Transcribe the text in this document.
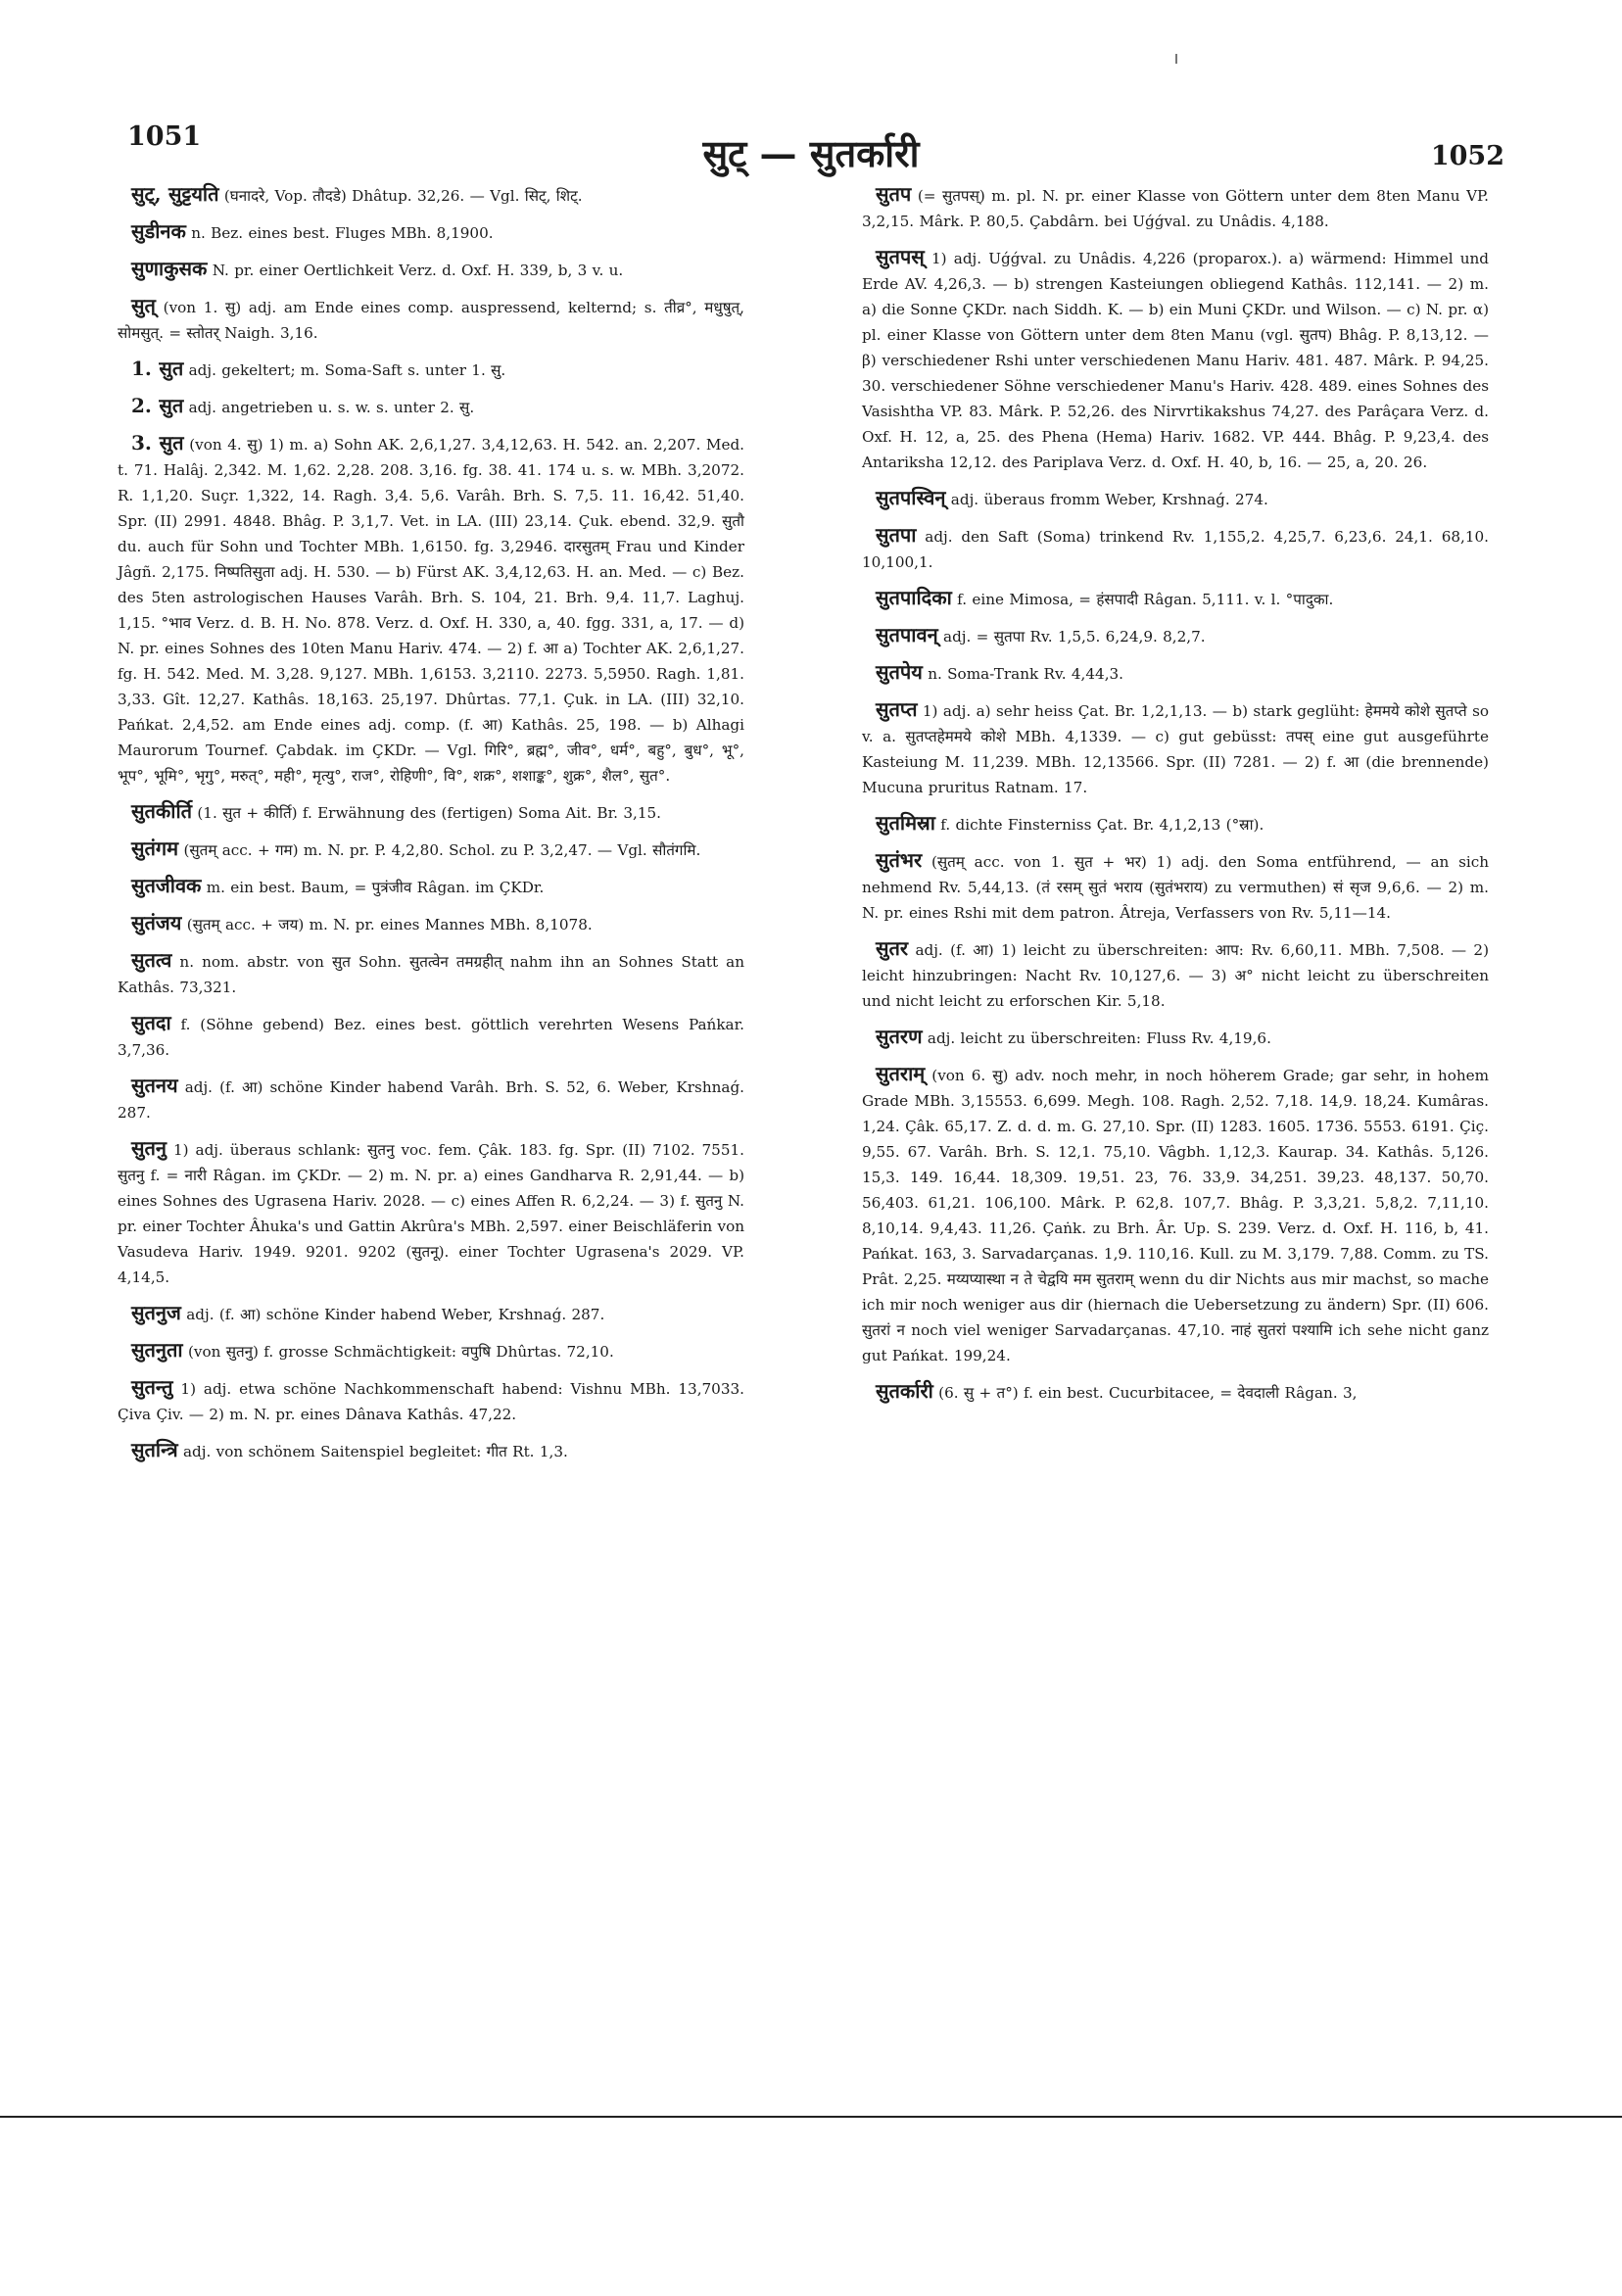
1051	सुट् — सुतर्कारी	1052

सुट्, सुट्टयति (घनादरे, Vop. तौदडे) Dhâtup. 32,26. — Vgl. सिट्, शिट्.

सुडीनक n. Bez. eines best. Fluges MBh. 8,1900.

सुणाकुसक N. pr. einer Oertlichkeit Verz. d. Oxf. H. 339, b, 3 v. u.

सुत् (von 1. सु) adj. am Ende eines comp. auspressend, kelternd; s. तीव्र°, मधुषुत्, सोमसुत्. = स्तोतर् Naigh. 3,16.

1. सुत adj. gekeltert; m. Soma-Saft s. unter 1. सु.

2. सुत adj. angetrieben u. s. w. s. unter 2. सु.

3. सुत (von 4. सु) 1) m. a) Sohn AK. 2,6,1,27. 3,4,12,63. H. 542. an. 2,207. Med. t. 71. Halâj. 2,342. M. 1,62. 2,28. 208. 3,16. fg. 38. 41. 174 u. s. w. MBh. 3,2072. R. 1,1,20. Suçr. 1,322, 14. Ragh. 3,4. 5,6. Varâh. Brh. S. 7,5. 11. 16,42. 51,40. Spr. (II) 2991. 4848. Bhâg. P. 3,1,7. Vet. in LA. (III) 23,14. Çuk. ebend. 32,9. सुतौ du. auch für Sohn und Tochter MBh. 1,6150. fg. 3,2946. दारसुतम् Frau und Kinder Jâgñ. 2,175. निष्पतिसुता adj. H. 530. — b) Fürst AK. 3,4,12,63. H. an. Med. — c) Bez. des 5ten astrologischen Hauses Varâh. Brh. S. 104, 21. Brh. 9,4. 11,7. Laghuj. 1,15. °भाव Verz. d. B. H. No. 878. Verz. d. Oxf. H. 330, a, 40. fgg. 331, a, 17. — d) N. pr. eines Sohnes des 10ten Manu Hariv. 474. — 2) f. आ a) Tochter AK. 2,6,1,27. fg. H. 542. Med. M. 3,28. 9,127. MBh. 1,6153. 3,2110. 2273. 5,5950. Ragh. 1,81. 3,33. Gît. 12,27. Kathâs. 18,163. 25,197. Dhûrtas. 77,1. Çuk. in LA. (III) 32,10. Pańkat. 2,4,52. am Ende eines adj. comp. (f. आ) Kathâs. 25, 198. — b) Alhagi Maurorum Tournef. Çabdak. im ÇKDr. — Vgl. गिरि°, ब्रह्म°, जीव°, धर्म°, बहु°, बुध°, भू°, भूप°, भूमि°, भृगु°, मरुत्°, मही°, मृत्यु°, राज°, रोहिणी°, वि°, शक्र°, शशाङ्क°, शुक्र°, शैल°, सुत°.

सुतकीर्ति (1. सुत + कीर्ति) f. Erwähnung des (fertigen) Soma Ait. Br. 3,15.

सुतंगम (सुतम् acc. + गम) m. N. pr. P. 4,2,80. Schol. zu P. 3,2,47. — Vgl. सौतंगमि.

सुतजीवक m. ein best. Baum, = पुत्रंजीव Râgan. im ÇKDr.

सुतंजय (सुतम् acc. + जय) m. N. pr. eines Mannes MBh. 8,1078.

सुतत्व n. nom. abstr. von सुत Sohn. सुतत्वेन तमग्रहीत् nahm ihn an Sohnes Statt an Kathâs. 73,321.

सुतदा f. (Söhne gebend) Bez. eines best. göttlich verehrten Wesens Pańkar. 3,7,36.

सुतनय adj. (f. आ) schöne Kinder habend Varâh. Brh. S. 52, 6. Weber, Krshnaǵ. 287.

सुतनु 1) adj. überaus schlank: सुतनु voc. fem. Çâk. 183. fg. Spr. (II) 7102. 7551. सुतनु f. = नारी Râgan. im ÇKDr. — 2) m. N. pr. a) eines Gandharva R. 2,91,44. — b) eines Sohnes des Ugrasena Hariv. 2028. — c) eines Affen R. 6,2,24. — 3) f. सुतनु N. pr. einer Tochter Âhuka's und Gattin Akrûra's MBh. 2,597. einer Beischläferin von Vasudeva Hariv. 1949. 9201. 9202 (सुतनू). einer Tochter Ugrasena's 2029. VP. 4,14,5.

सुतनुज adj. (f. आ) schöne Kinder habend Weber, Krshnaǵ. 287.

सुतनुता (von सुतनु) f. grosse Schmächtigkeit: वपुषि Dhûrtas. 72,10.

सुतन्तु 1) adj. etwa schöne Nachkommenschaft habend: Vishnu MBh. 13,7033. Çiva Çiv. — 2) m. N. pr. eines Dânava Kathâs. 47,22.

सुतन्त्रि adj. von schönem Saitenspiel begleitet: गीत Rt. 1,3.

सुतप (= सुतपस्) m. pl. N. pr. einer Klasse von Göttern unter dem 8ten Manu VP. 3,2,15. Mârk. P. 80,5. Çabdârn. bei Uǵǵval. zu Unâdis. 4,188.

सुतपस् 1) adj. Uǵǵval. zu Unâdis. 4,226 (proparox.). a) wärmend: Himmel und Erde AV. 4,26,3. — b) strengen Kasteiungen obliegend Kathâs. 112,141. — 2) m. a) die Sonne ÇKDr. nach Siddh. K. — b) ein Muni ÇKDr. und Wilson. — c) N. pr. α) pl. einer Klasse von Göttern unter dem 8ten Manu (vgl. सुतप) Bhâg. P. 8,13,12. — β) verschiedener Rshi unter verschiedenen Manu Hariv. 481. 487. Mârk. P. 94,25. 30. verschiedener Söhne verschiedener Manu's Hariv. 428. 489. eines Sohnes des Vasishtha VP. 83. Mârk. P. 52,26. des Nirvrtikakshus 74,27. des Parâçara Verz. d. Oxf. H. 12, a, 25. des Phena (Hema) Hariv. 1682. VP. 444. Bhâg. P. 9,23,4. des Antariksha 12,12. des Pariplava Verz. d. Oxf. H. 40, b, 16. — 25, a, 20. 26.

सुतपस्विन् adj. überaus fromm Weber, Krshnaǵ. 274.

सुतपा adj. den Saft (Soma) trinkend Rv. 1,155,2. 4,25,7. 6,23,6. 24,1. 68,10. 10,100,1.

सुतपादिका f. eine Mimosa, = हंसपादी Râgan. 5,111. v. l. °पादुका.

सुतपावन् adj. = सुतपा Rv. 1,5,5. 6,24,9. 8,2,7.

सुतपेय n. Soma-Trank Rv. 4,44,3.

सुतप्त 1) adj. a) sehr heiss Çat. Br. 1,2,1,13. — b) stark geglüht: हेममये कोशे सुतप्ते so v. a. सुतप्तहेममये कोशे MBh. 4,1339. — c) gut gebüsst: तपस् eine gut ausgeführte Kasteiung M. 11,239. MBh. 12,13566. Spr. (II) 7281. — 2) f. आ (die brennende) Mucuna pruritus Ratnam. 17.

सुतमिस्रा f. dichte Finsterniss Çat. Br. 4,1,2,13 (°स्रा).

सुतंभर (सुतम् acc. von 1. सुत + भर) 1) adj. den Soma entführend, — an sich nehmend Rv. 5,44,13. (तं रसम् सुतं भराय (सुतंभराय) zu vermuthen) सं सृज 9,6,6. — 2) m. N. pr. eines Rshi mit dem patron. Âtreja, Verfassers von Rv. 5,11—14.

सुतर adj. (f. आ) 1) leicht zu überschreiten: आप: Rv. 6,60,11. MBh. 7,508. — 2) leicht hinzubringen: Nacht Rv. 10,127,6. — 3) अ° nicht leicht zu überschreiten und nicht leicht zu erforschen Kir. 5,18.

सुतरण adj. leicht zu überschreiten: Fluss Rv. 4,19,6.

सुतराम् (von 6. सु) adv. noch mehr, in noch höherem Grade; gar sehr, in hohem Grade MBh. 3,15553. 6,699. Megh. 108. Ragh. 2,52. 7,18. 14,9. 18,24. Kumâras. 1,24. Çâk. 65,17. Z. d. d. m. G. 27,10. Spr. (II) 1283. 1605. 1736. 5553. 6191. Çiç. 9,55. 67. Varâh. Brh. S. 12,1. 75,10. Vâgbh. 1,12,3. Kaurap. 34. Kathâs. 5,126. 15,3. 149. 16,44. 18,309. 19,51. 23, 76. 33,9. 34,251. 39,23. 48,137. 50,70. 56,403. 61,21. 106,100. Mârk. P. 62,8. 107,7. Bhâg. P. 3,3,21. 5,8,2. 7,11,10. 8,10,14. 9,4,43. 11,26. Çaṅk. zu Brh. Âr. Up. S. 239. Verz. d. Oxf. H. 116, b, 41. Pańkat. 163, 3. Sarvadarçanas. 1,9. 110,16. Kull. zu M. 3,179. 7,88. Comm. zu TS. Prât. 2,25. मय्यप्यास्था न ते चेद्वयि मम सुतराम् wenn du dir Nichts aus mir machst, so mache ich mir noch weniger aus dir (hiernach die Uebersetzung zu ändern) Spr. (II) 606. सुतरां न noch viel weniger Sarvadarçanas. 47,10. नाहं सुतरां पश्यामि ich sehe nicht ganz gut Pańkat. 199,24.

सुतर्कारी (6. सु + त°) f. ein best. Cucurbitacee, = देवदाली Râgan. 3,
